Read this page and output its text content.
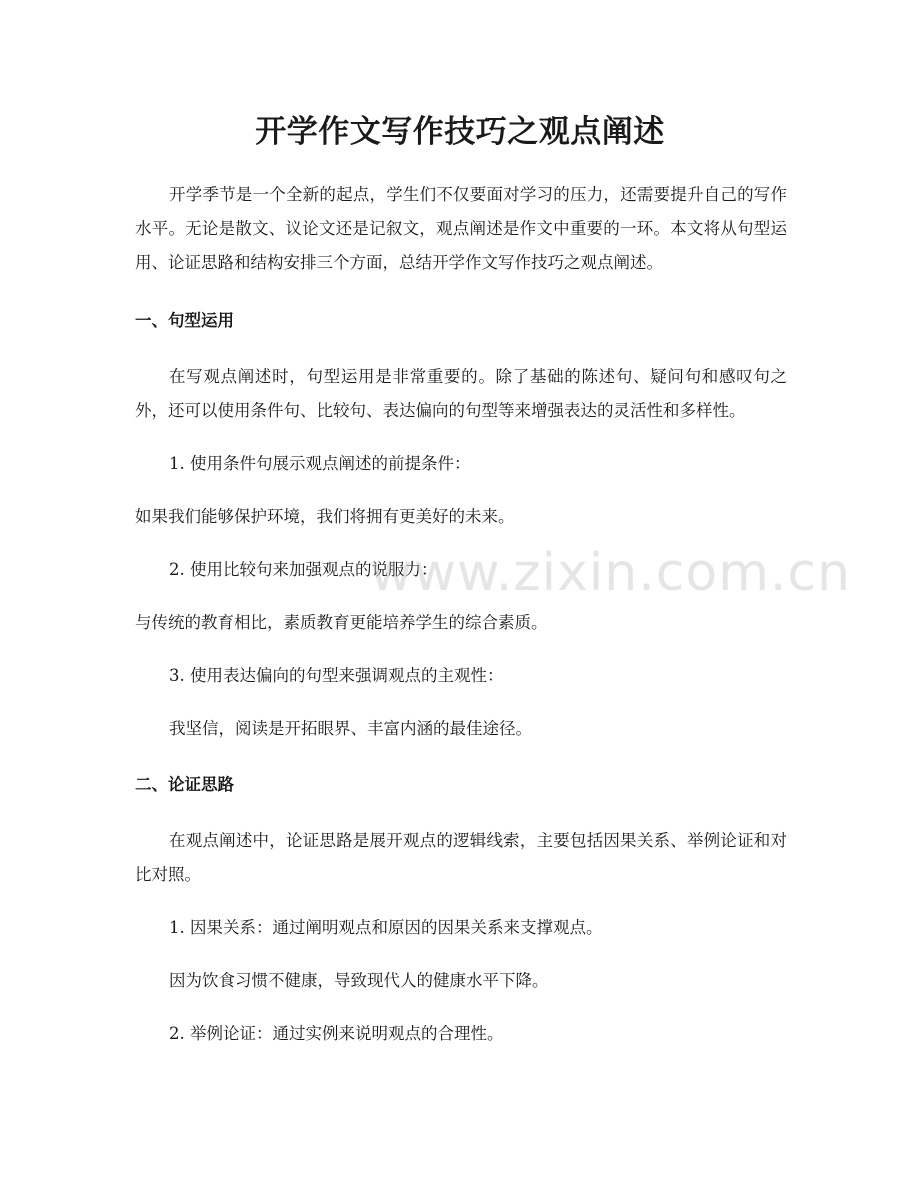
开学作文写作技巧之观点阐述

开学季节是一个全新的起点，学生们不仅要面对学习的压力，还需要提升自己的写作水平。无论是散文、议论文还是记叙文，观点阐述是作文中重要的一环。本文将从句型运用、论证思路和结构安排三个方面，总结开学作文写作技巧之观点阐述。

一、句型运用

在写观点阐述时，句型运用是非常重要的。除了基础的陈述句、疑问句和感叹句之外，还可以使用条件句、比较句、表达偏向的句型等来增强表达的灵活性和多样性。

1. 使用条件句展示观点阐述的前提条件：

如果我们能够保护环境，我们将拥有更美好的未来。

2. 使用比较句来加强观点的说服力：

与传统的教育相比，素质教育更能培养学生的综合素质。

3. 使用表达偏向的句型来强调观点的主观性：

我坚信，阅读是开拓眼界、丰富内涵的最佳途径。

二、论证思路

在观点阐述中，论证思路是展开观点的逻辑线索，主要包括因果关系、举例论证和对比对照。

1. 因果关系：通过阐明观点和原因的因果关系来支撑观点。

因为饮食习惯不健康，导致现代人的健康水平下降。

2. 举例论证：通过实例来说明观点的合理性。

www.zixin.com.cn
